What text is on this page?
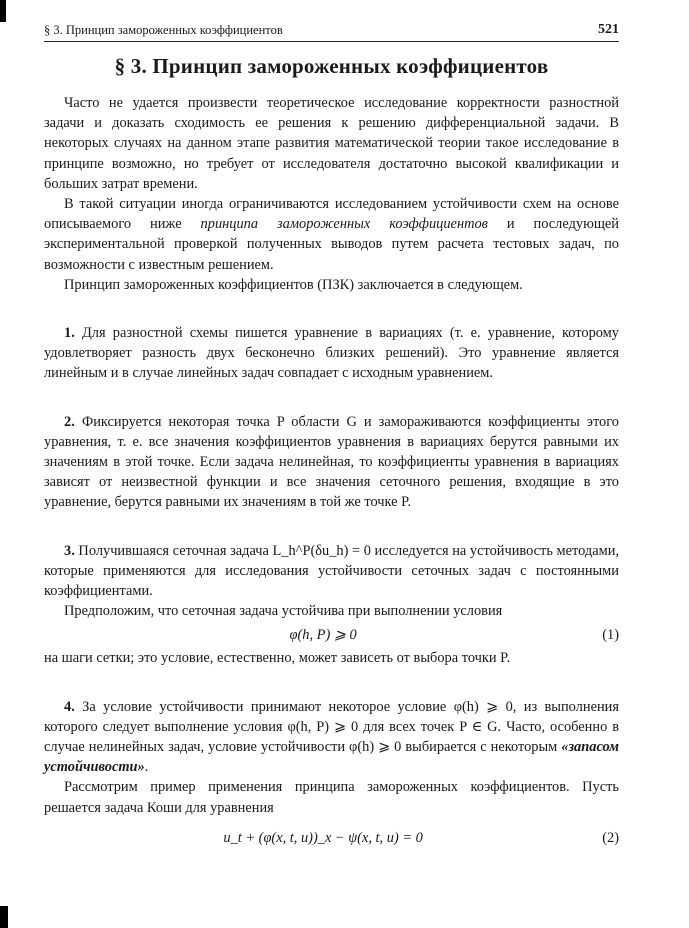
§ 3. Принцип замороженных коэффициентов	521
§ 3. Принцип замороженных коэффициентов

Часто не удается произвести теоретическое исследование корректности разностной задачи и доказать сходимость ее решения к решению дифференциальной задачи. В некоторых случаях на данном этапе развития математической теории такое исследование в принципе возможно, но требует от исследователя достаточно высокой квалификации и больших затрат времени.

В такой ситуации иногда ограничиваются исследованием устойчивости схем на основе описываемого ниже принципа замороженных коэффициентов и последующей экспериментальной проверкой полученных выводов путем расчета тестовых задач, по возможности с известным решением.

Принцип замороженных коэффициентов (ПЗК) заключается в следующем.

1. Для разностной схемы пишется уравнение в вариациях (т. е. уравнение, которому удовлетворяет разность двух бесконечно близких решений). Это уравнение является линейным и в случае линейных задач совпадает с исходным уравнением.

2. Фиксируется некоторая точка P области G и замораживаются коэффициенты этого уравнения, т. е. все значения коэффициентов уравнения в вариациях берутся равными их значениям в этой точке. Если задача нелинейная, то коэффициенты уравнения в вариациях зависят от неизвестной функции и все значения сеточного решения, входящие в это уравнение, берутся равными их значениям в той же точке P.

3. Получившаяся сеточная задача L_h^P(δu_h) = 0 исследуется на устойчивость методами, которые применяются для исследования устойчивости сеточных задач с постоянными коэффициентами.

Предположим, что сеточная задача устойчива при выполнении условия

φ(h, P) ⩾ 0	(1)

на шаги сетки; это условие, естественно, может зависеть от выбора точки P.

4. За условие устойчивости принимают некоторое условие φ(h) ⩾ 0, из выполнения которого следует выполнение условия φ(h, P) ⩾ 0 для всех точек P ∈ G. Часто, особенно в случае нелинейных задач, условие устойчивости φ(h) ⩾ 0 выбирается с некоторым «запасом устойчивости».

Рассмотрим пример применения принципа замороженных коэффициентов. Пусть решается задача Коши для уравнения

u_t + (φ(x, t, u))_x − ψ(x, t, u) = 0	(2)
